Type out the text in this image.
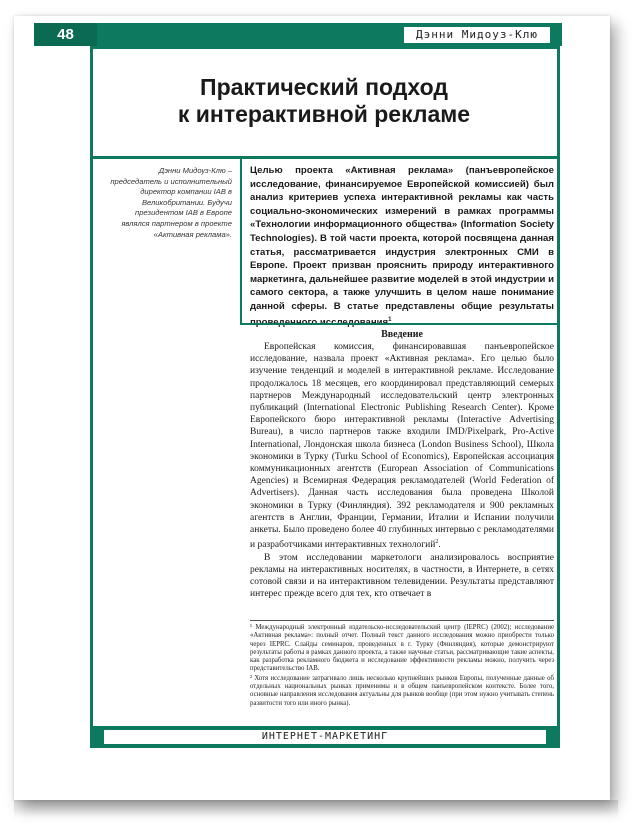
48	Дэнни Мидоуз-Клю
Практический подход
к интерактивной рекламе
Дэнни Мидоуз-Клю – председатель и исполнительный директор компании IAB в Великобритании. Будучи президентом IAB в Европе являлся партнером в проекте «Активная реклама».
Целью проекта «Активная реклама» (панъевропейское исследование, финансируемое Европейской комиссией) был анализ критериев успеха интерактивной рекламы как часть социально-экономических измерений в рамках программы «Технологии информационного общества» (Information Society Technologies). В той части проекта, которой посвящена данная статья, рассматривается индустрия электронных СМИ в Европе. Проект призван прояснить природу интерактивного маркетинга, дальнейшее развитие моделей в этой индустрии и самого сектора, а также улучшить в целом наше понимание данной сферы. В статье представлены общие результаты $^1$
Введение

Европейская комиссия, финансировавшая панъевропейское исследование, назвала проект «Активная реклама». Его целью было изучение тенденций и моделей в интерактивной рекламе. Исследование продолжалось 18 месяцев, его координировал представляющий семерых партнеров Международный исследовательский центр электронных публикаций (International Electronic Publishing Research Center). Кроме Европейского бюро интерактивной рекламы (Interactive Advertising Bureau), в число партнеров также входили IMD/Pixelpark, Pro-Active International, Лондонская школа бизнеса (London Business School), Школа экономики в Турку (Turku School of Economics), Европейская ассоциация коммуникационных агентств (European Association of Communications Agencies) и Всемирная Федерация рекламодателей (World Federation of Advertisers). Данная часть исследования была проведена Школой экономики в Турку (Финляндия). 392 рекламодателя и 900 рекламных агентств в Англии, Франции, Германии, Италии и Испании получили анкеты. Было проведено более 40 глубинных интервью с рекламодателями и разработчиками интерактивных технологий$^2$.

В этом исследовании маркетологи анализировалось восприятие рекламы на интерактивных носителях, в частности, в Интернете, в сетях сотовой связи и на интерактивном телевидении. Результаты представляют интерес прежде всего для тех, кто отвечает в

¹ Международный электронный издательско-исследовательский центр (IEPRC) (2002); исследование «Активная реклама»: полный отчет. Полный текст данного исследования можно приобрести только через IEPRC. Слайды семинаров, проведенных в г. Турку (Финляндия), которые демонстрируют результаты работы в рамках данного проекта, а также научные статьи, рассматривающие такие аспекты, как разработка рекламного бюджета и исследование эффективности рекламы можно, получить через представительство IAB.

² Хотя исследование затрагивало лишь несколько крупнейших рынков Европы, полученные данные об отдельных национальных рынках применимы и в общем панъевропейском контексте. Более того, основные направления исследования актуальны для рынков вообще (при этом нужно учитывать степень развитости того или иного рынка).

ИНТЕРНЕТ-МАРКЕТИНГ
